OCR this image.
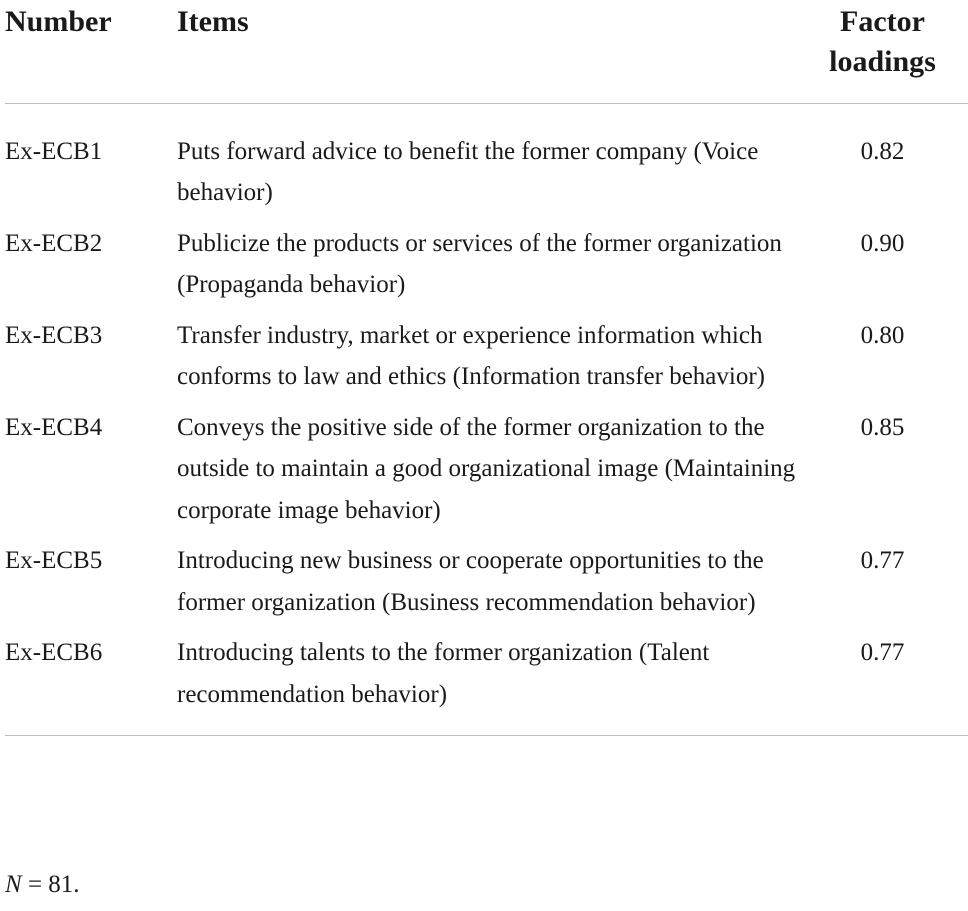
Number	Items	Factor loadings
Ex-ECB1	Puts forward advice to benefit the former company (Voice behavior)	0.82
Ex-ECB2	Publicize the products or services of the former organization (Propaganda behavior)	0.90
Ex-ECB3	Transfer industry, market or experience information which conforms to law and ethics (Information transfer behavior)	0.80
Ex-ECB4	Conveys the positive side of the former organization to the outside to maintain a good organizational image (Maintaining corporate image behavior)	0.85
Ex-ECB5	Introducing new business or cooperate opportunities to the former organization (Business recommendation behavior)	0.77
Ex-ECB6	Introducing talents to the former organization (Talent recommendation behavior)	0.77
N = 81.
